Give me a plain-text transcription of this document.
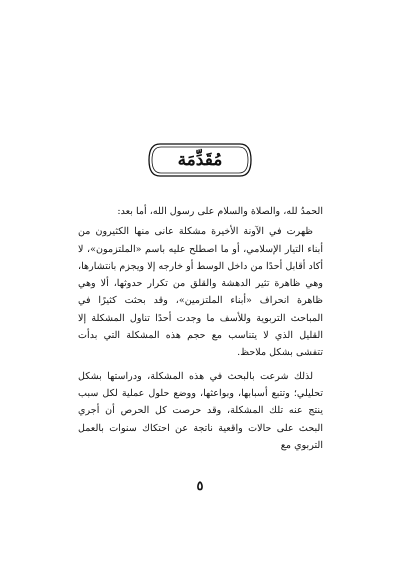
مُقَدِّمَة

الحمدُ لله، والصلاة والسلام على رسول الله، أما بعد:

ظهرت في الآونة الأخيرة مشكلة عانى منها الكثيرون من أبناء التيار الإسلامي، أو ما اصطلح عليه باسم «الملتزمون»، لا أكاد أقابل أحدًا من داخل الوسط أو خارجه إلا ويجزم بانتشارها، وهي ظاهرة تثير الدهشة والقلق من تكرار حدوثها، ألا وهي ظاهرة انحراف «أبناء الملتزمين»، وقد بحثت كثيرًا في المباحث التربوية وللأسف ما وجدت أحدًا تناول المشكلة إلا القليل الذي لا يتناسب مع حجم هذه المشكلة التي بدأت تتفشى بشكل ملاحظ.

لذلك شرعت بالبحث في هذه المشكلة، ودراستها بشكل تحليلي؛ وتتبع أسبابها، وبواعثها، ووضع حلول عملية لكل سبب ينتج عنه تلك المشكلة، وقد حرصت كل الحرص أن أجري البحث على حالات واقعية ناتجة عن احتكاك سنوات بالعمل التربوي مع

٥
